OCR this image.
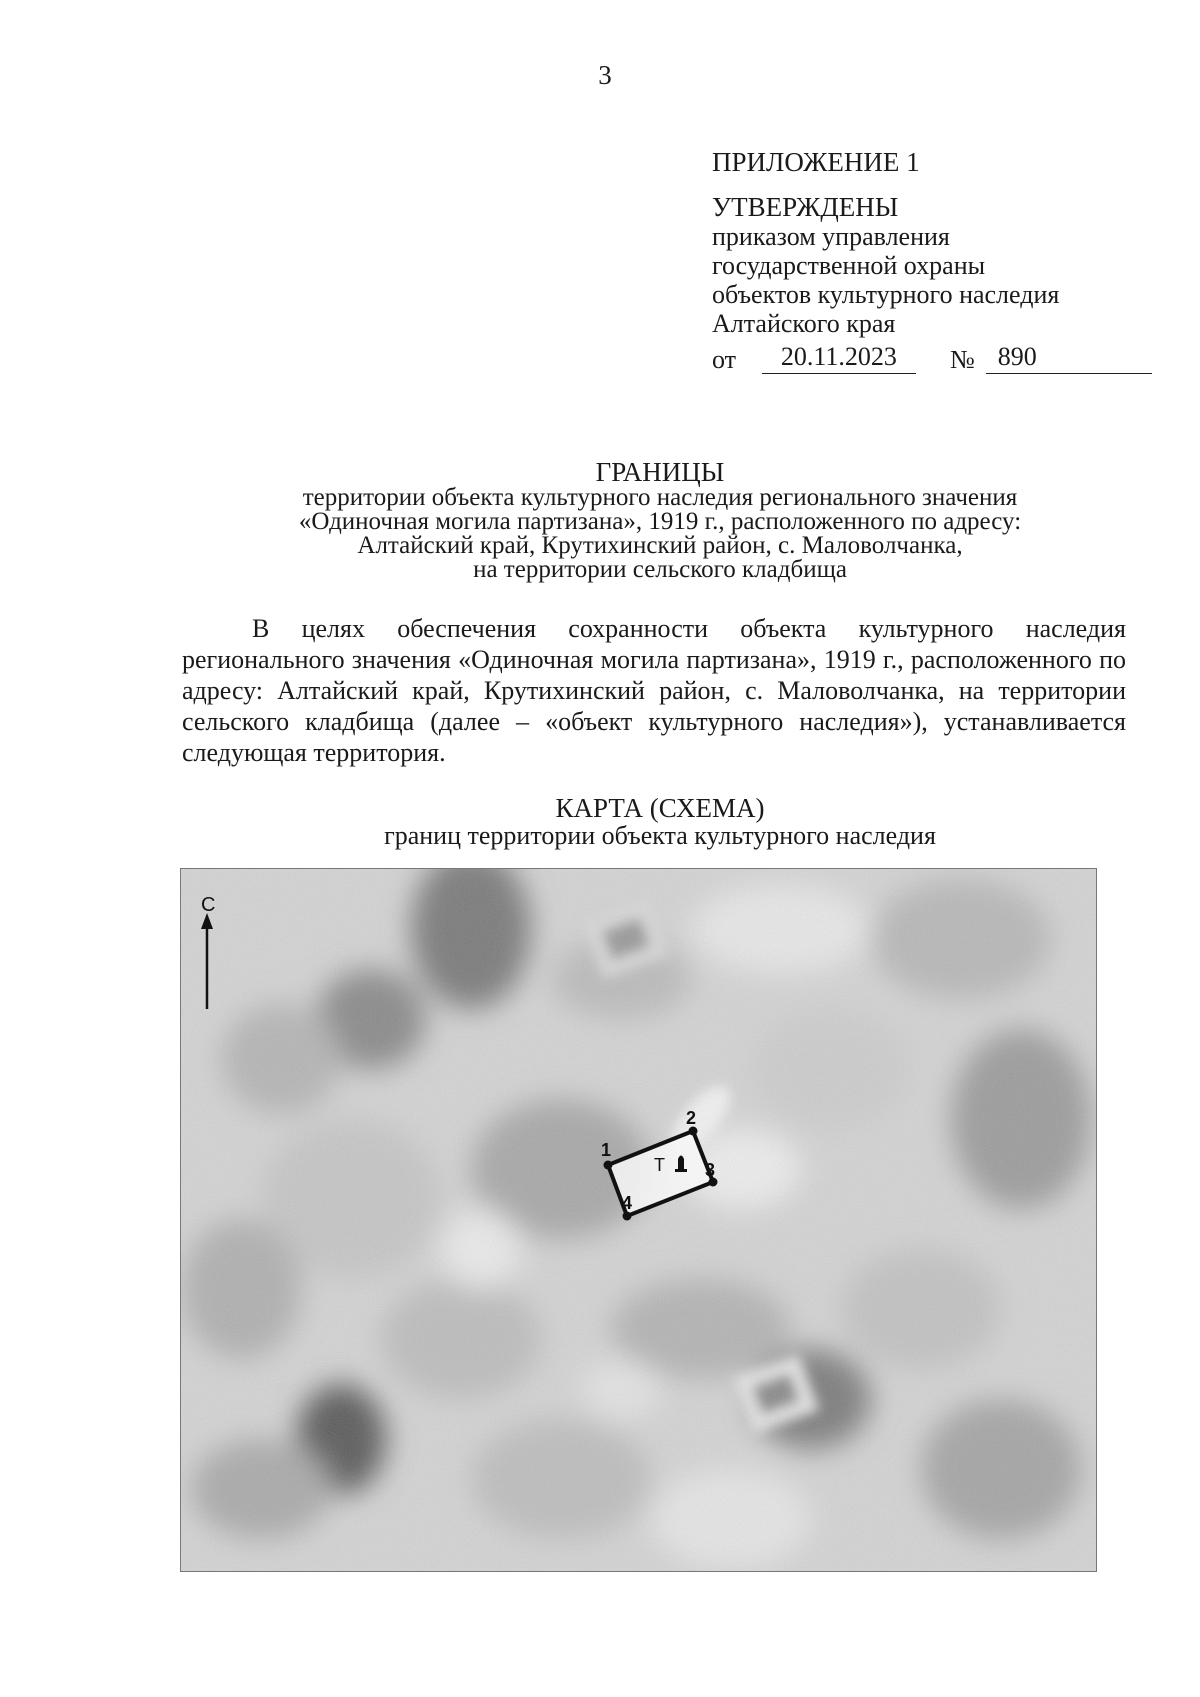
3
ПРИЛОЖЕНИЕ 1
УТВЕРЖДЕНЫ
приказом управления
государственной охраны
объектов культурного наследия
Алтайского края
от	20.11.2023	№ 890
ГРАНИЦЫ
территории объекта культурного наследия регионального значения
«Одиночная могила партизана», 1919 г., расположенного по адресу:
Алтайский край, Крутихинский район, с. Маловолчанка,
на территории сельского кладбища
В целях обеспечения сохранности объекта культурного наследия регионального значения «Одиночная могила партизана», 1919 г., расположенного по адресу: Алтайский край, Крутихинский район, с. Маловолчанка, на территории сельского кладбища (далее – «объект культурного наследия»), устанавливается следующая территория.
КАРТА (СХЕМА)
границ территории объекта культурного наследия
С
1
2
3
4
Т
